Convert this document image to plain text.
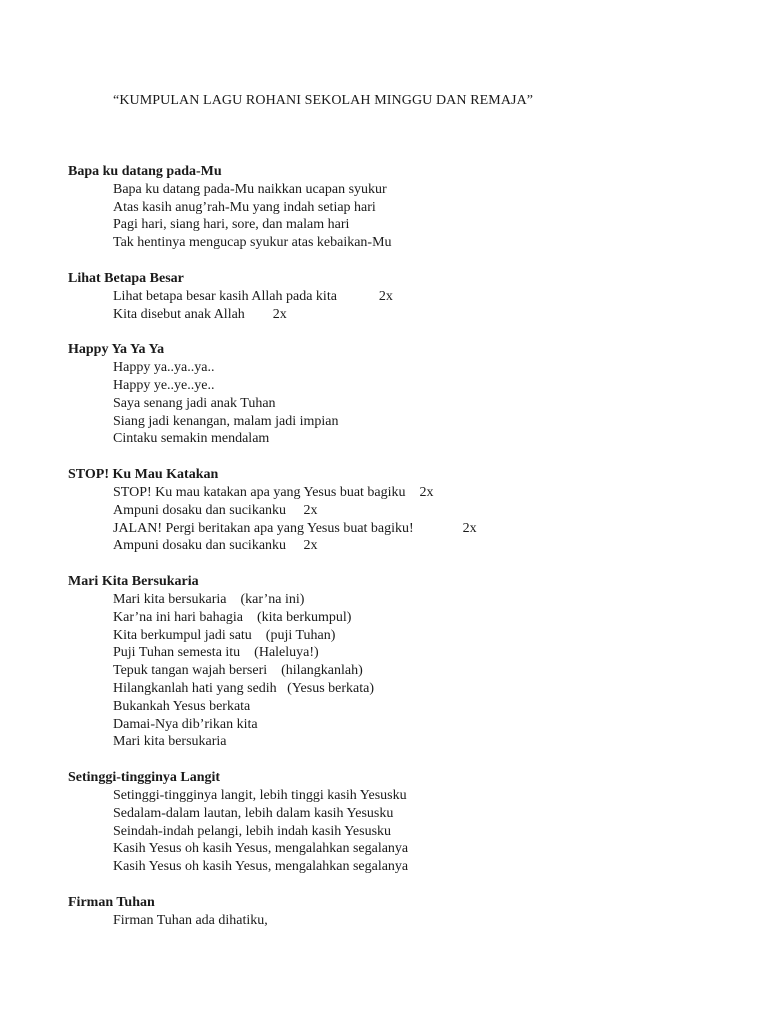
“KUMPULAN LAGU ROHANI SEKOLAH MINGGU DAN REMAJA”
Bapa ku datang pada-Mu
Bapa ku datang pada-Mu naikkan ucapan syukur
Atas kasih anug’rah-Mu yang indah setiap hari
Pagi hari, siang hari, sore, dan malam hari
Tak hentinya mengucap syukur atas kebaikan-Mu
Lihat Betapa Besar
Lihat betapa besar kasih Allah pada kita            2x
Kita disebut anak Allah        2x
Happy Ya Ya Ya
Happy ya..ya..ya..
Happy ye..ye..ye..
Saya senang jadi anak Tuhan
Siang jadi kenangan, malam jadi impian
Cintaku semakin mendalam
STOP! Ku Mau Katakan
STOP! Ku mau katakan apa yang Yesus buat bagiku    2x
Ampuni dosaku dan sucikanku     2x
JALAN! Pergi beritakan apa yang Yesus buat bagiku!              2x
Ampuni dosaku dan sucikanku     2x
Mari Kita Bersukaria
Mari kita bersukaria    (kar’na ini)
Kar’na ini hari bahagia    (kita berkumpul)
Kita berkumpul jadi satu    (puji Tuhan)
Puji Tuhan semesta itu    (Haleluya!)
Tepuk tangan wajah berseri    (hilangkanlah)
Hilangkanlah hati yang sedih   (Yesus berkata)
Bukankah Yesus berkata
Damai-Nya dib’rikan kita
Mari kita bersukaria
Setinggi-tingginya Langit
Setinggi-tingginya langit, lebih tinggi kasih Yesusku
Sedalam-dalam lautan, lebih dalam kasih Yesusku
Seindah-indah pelangi, lebih indah kasih Yesusku
Kasih Yesus oh kasih Yesus, mengalahkan segalanya
Kasih Yesus oh kasih Yesus, mengalahkan segalanya
Firman Tuhan
Firman Tuhan ada dihatiku,
